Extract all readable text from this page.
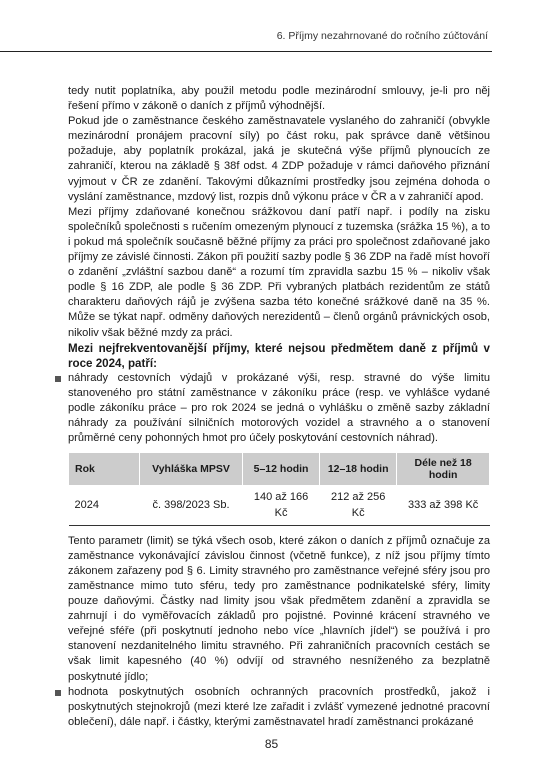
6. Příjmy nezahrnované do ročního zúčtování

tedy nutit poplatníka, aby použil metodu podle mezinárodní smlouvy, je-li pro něj řešení přímo v zákoně o daních z příjmů výhodnější.

Pokud jde o zaměstnance českého zaměstnavatele vyslaného do zahraničí (obvykle mezinárodní pronájem pracovní síly) po část roku, pak správce daně většinou požaduje, aby poplatník prokázal, jaká je skutečná výše příjmů plynoucích ze zahraničí, kterou na základě § 38f odst. 4 ZDP požaduje v rámci daňového přiznání vyjmout v ČR ze zdanění. Takovými důkazními prostředky jsou zejména dohoda o vyslání zaměstnance, mzdový list, rozpis dnů výkonu práce v ČR a v zahraničí apod.

Mezi příjmy zdaňované konečnou srážkovou daní patří např. i podíly na zisku společníků společnosti s ručením omezeným plynoucí z tuzemska (srážka 15 %), a to i pokud má společník současně běžné příjmy za práci pro společnost zdaňované jako příjmy ze závislé činnosti. Zákon při použití sazby podle § 36 ZDP na řadě míst hovoří o zdanění „zvláštní sazbou daně“ a rozumí tím zpravidla sazbu 15 % – nikoliv však podle § 16 ZDP, ale podle § 36 ZDP. Při vybraných platbách rezidentům ze států charakteru daňových rájů je zvýšena sazba této konečné srážkové daně na 35 %. Může se týkat např. odměny daňových nerezidentů – členů orgánů právnických osob, nikoliv však běžné mzdy za práci.

Mezi nejfrekventovanější příjmy, které nejsou předmětem daně z příjmů v roce 2024, patří:

náhrady cestovních výdajů v prokázané výši, resp. stravné do výše limitu stanoveného pro státní zaměstnance v zákoníku práce (resp. ve vyhlášce vydané podle zákoníku práce – pro rok 2024 se jedná o vyhlášku o změně sazby základní náhrady za používání silničních motorových vozidel a stravného a o stanovení průměrné ceny pohonných hmot pro účely poskytování cestovních náhrad).
Rok	Vyhláška MPSV	5–12 hodin	12–18 hodin	Déle než 18 hodin
2024	č. 398/2023 Sb.	140 až 166 Kč	212 až 256 Kč	333 až 398 Kč

Tento parametr (limit) se týká všech osob, které zákon o daních z příjmů označuje za zaměstnance vykonávající závislou činnost (včetně funkce), z níž jsou příjmy tímto zákonem zařazeny pod § 6. Limity stravného pro zaměstnance veřejné sféry jsou pro zaměstnance mimo tuto sféru, tedy pro zaměstnance podnikatelské sféry, limity pouze daňovými. Částky nad limity jsou však předmětem zdanění a zpravidla se zahrnují i do vyměřovacích základů pro pojistné. Povinné krácení stravného ve veřejné sféře (při poskytnutí jednoho nebo více „hlavních jídel“) se používá i pro stanovení nezdanitelného limitu stravného. Při zahraničních pracovních cestách se však limit kapesného (40 %) odvíjí od stravného nesníženého za bezplatně poskytnuté jídlo;

hodnota poskytnutých osobních ochranných pracovních prostředků, jakož i poskytnutých stejnokrojů (mezi které lze zařadit i zvlášť vymezené jednotné pracovní oblečení), dále např. i částky, kterými zaměstnavatel hradí zaměstnanci prokázané
85
